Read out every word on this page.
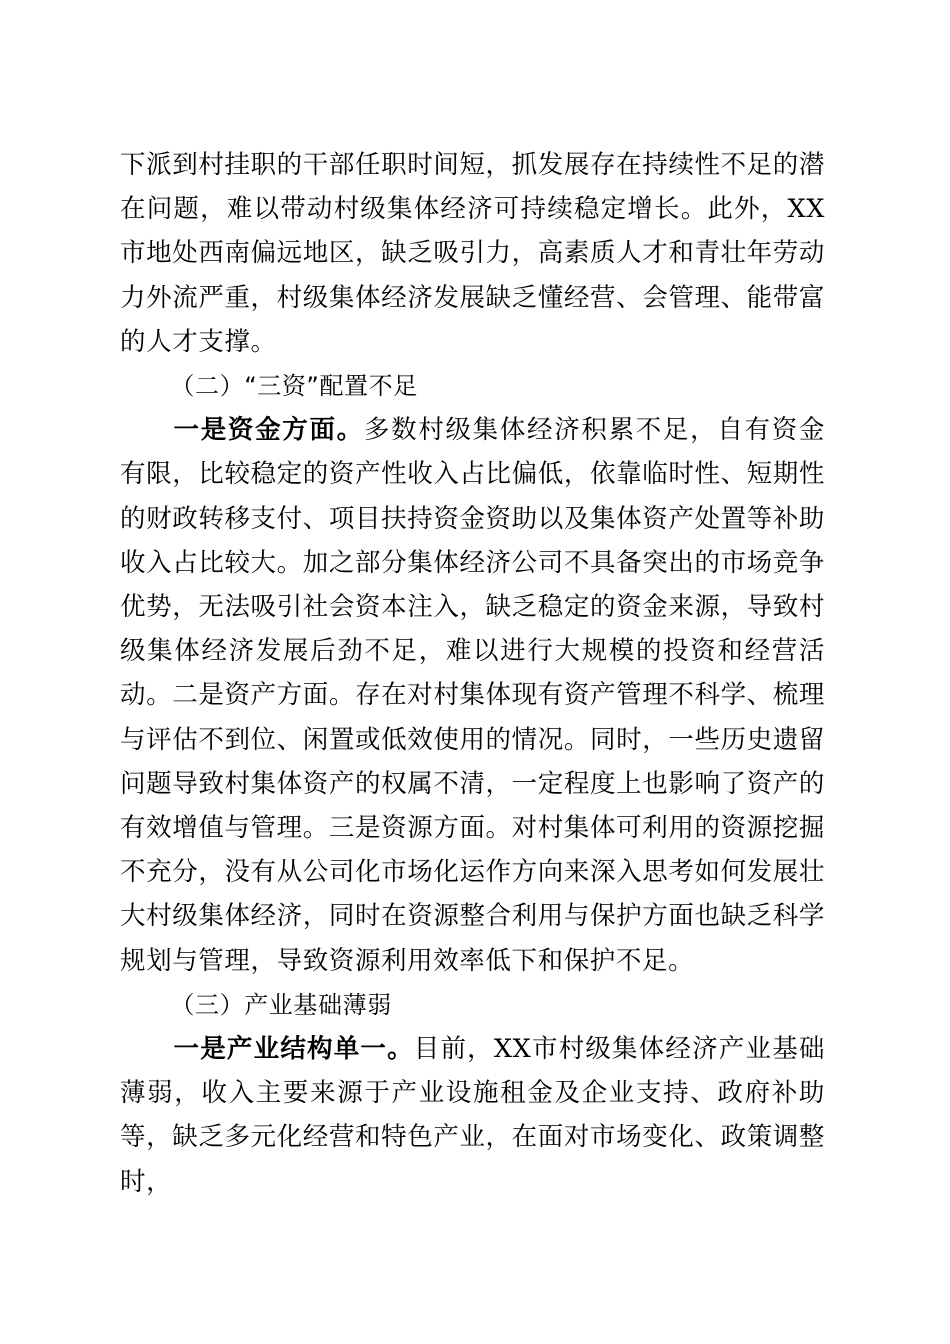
下派到村挂职的干部任职时间短，抓发展存在持续性不足的潜在问题，难以带动村级集体经济可持续稳定增长。此外，XX市地处西南偏远地区，缺乏吸引力，高素质人才和青壮年劳动力外流严重，村级集体经济发展缺乏懂经营、会管理、能带富的人才支撑。

（二）“三资”配置不足

一是资金方面。多数村级集体经济积累不足，自有资金有限，比较稳定的资产性收入占比偏低，依靠临时性、短期性的财政转移支付、项目扶持资金资助以及集体资产处置等补助收入占比较大。加之部分集体经济公司不具备突出的市场竞争优势，无法吸引社会资本注入，缺乏稳定的资金来源，导致村级集体经济发展后劲不足，难以进行大规模的投资和经营活动。二是资产方面。存在对村集体现有资产管理不科学、梳理与评估不到位、闲置或低效使用的情况。同时，一些历史遗留问题导致村集体资产的权属不清，一定程度上也影响了资产的有效增值与管理。三是资源方面。对村集体可利用的资源挖掘不充分，没有从公司化市场化运作方向来深入思考如何发展壮大村级集体经济，同时在资源整合利用与保护方面也缺乏科学规划与管理，导致资源利用效率低下和保护不足。

（三）产业基础薄弱

一是产业结构单一。目前，XX市村级集体经济产业基础薄弱，收入主要来源于产业设施租金及企业支持、政府补助等，缺乏多元化经营和特色产业，在面对市场变化、政策调整时，
